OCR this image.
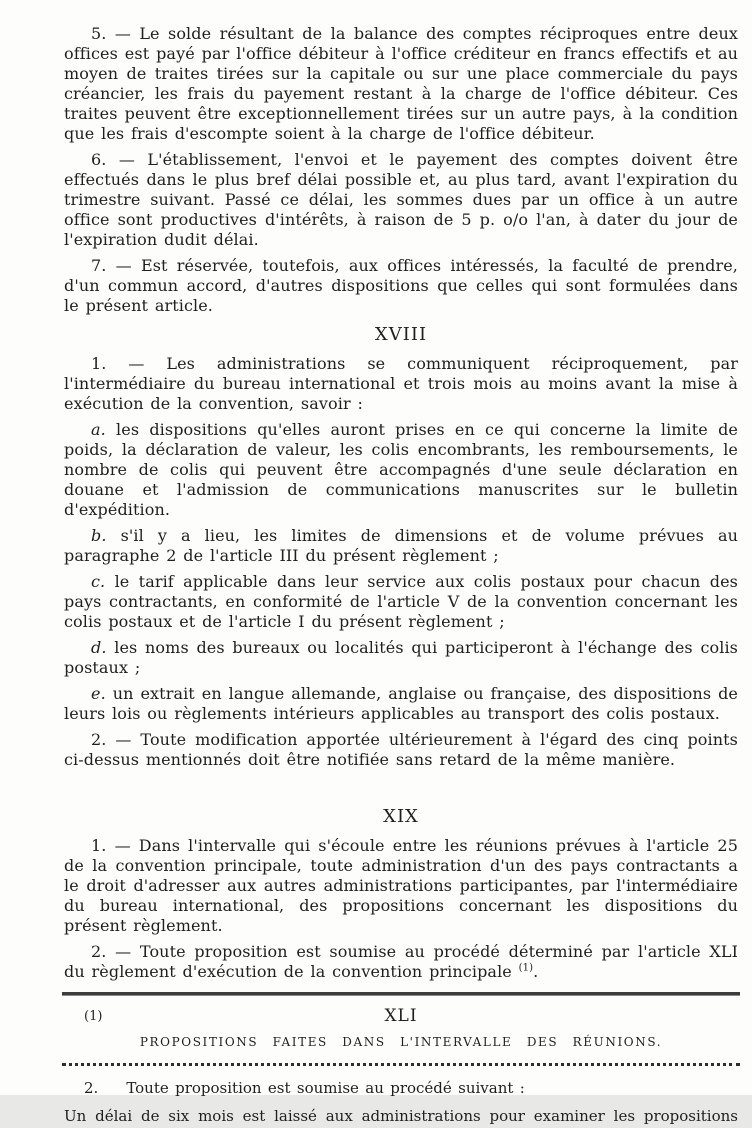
5. — Le solde résultant de la balance des comptes réciproques entre deux offices est payé par l'office débiteur à l'office créditeur en francs effectifs et au moyen de traites tirées sur la capitale ou sur une place commerciale du pays créancier, les frais du payement restant à la charge de l'office débiteur. Ces traites peuvent être exceptionnellement tirées sur un autre pays, à la condition que les frais d'escompte soient à la charge de l'office débiteur.

6. — L'établissement, l'envoi et le payement des comptes doivent être effectués dans le plus bref délai possible et, au plus tard, avant l'expiration du trimestre suivant. Passé ce délai, les sommes dues par un office à un autre office sont productives d'intérêts, à raison de 5 p. o/o l'an, à dater du jour de l'expiration dudit délai.

7. — Est réservée, toutefois, aux offices intéressés, la faculté de prendre, d'un commun accord, d'autres dispositions que celles qui sont formulées dans le présent article.

XVIII

1. — Les administrations se communiquent réciproquement, par l'intermédiaire du bureau international et trois mois au moins avant la mise à exécution de la convention, savoir :

a. les dispositions qu'elles auront prises en ce qui concerne la limite de poids, la déclaration de valeur, les colis encombrants, les remboursements, le nombre de colis qui peuvent être accompagnés d'une seule déclaration en douane et l'admission de communications manuscrites sur le bulletin d'expédition.

b. s'il y a lieu, les limites de dimensions et de volume prévues au paragraphe 2 de l'article III du présent règlement ;

c. le tarif applicable dans leur service aux colis postaux pour chacun des pays contractants, en conformité de l'article V de la convention concernant les colis postaux et de l'article I du présent règlement ;

d. les noms des bureaux ou localités qui participeront à l'échange des colis postaux ;

e. un extrait en langue allemande, anglaise ou française, des dispositions de leurs lois ou règlements intérieurs applicables au transport des colis postaux.

2. — Toute modification apportée ultérieurement à l'égard des cinq points ci-dessus mentionnés doit être notifiée sans retard de la même manière.

XIX

1. — Dans l'intervalle qui s'écoule entre les réunions prévues à l'article 25 de la convention principale, toute administration d'un des pays contractants a le droit d'adresser aux autres administrations participantes, par l'intermédiaire du bureau international, des propositions concernant les dispositions du présent règlement.

2. — Toute proposition est soumise au procédé déterminé par l'article XLI du règlement d'exécution de la convention principale $^{(1)}$.

(1)	XLI
PROPOSITIONS FAITES DANS L'INTERVALLE DES RÉUNIONS.

2. Toute proposition est soumise au procédé suivant :

Un délai de six mois est laissé aux administrations pour examiner les propositions
